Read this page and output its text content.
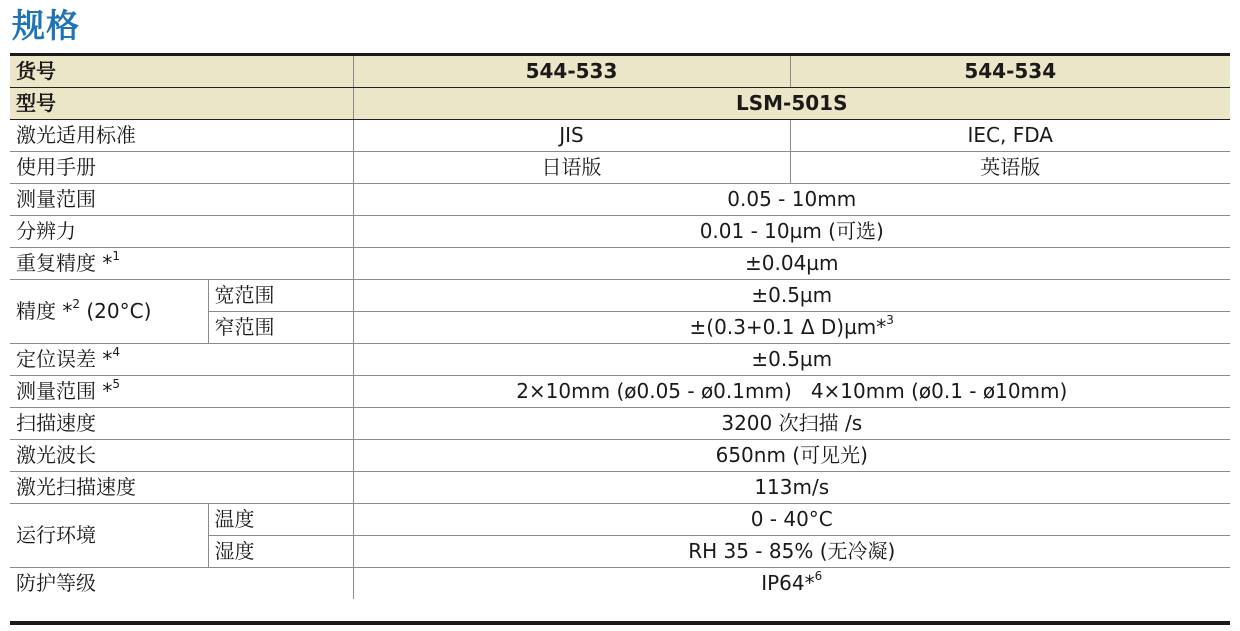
规格
货号		544-533	544-534
型号		LSM-501S	
激光适用标准		JIS	IEC, FDA
使用手册		日语版	英语版
测量范围		0.05 - 10mm	
分辨力		0.01 - 10µm (可选)	
重复精度 *$^1$		±0.04µm	
精度 *$^2$ (20°C)	宽范围	±0.5µm	
	窄范围	±(0.3+0.1 Δ D)µm*$^3$
定位误差 *$^4$		±0.5µm	
测量范围 *$^5$		2×10mm (ø0.05 - ø0.1mm)   4×10mm (ø0.1 - ø10mm)	
扫描速度		3200 次扫描 /s	
激光波长		650nm (可见光)	
激光扫描速度		113m/s	
运行环境	温度	0 - 40°C	
	湿度	RH 35 - 85% (无冷凝)	
防护等级		IP64*$^6$
